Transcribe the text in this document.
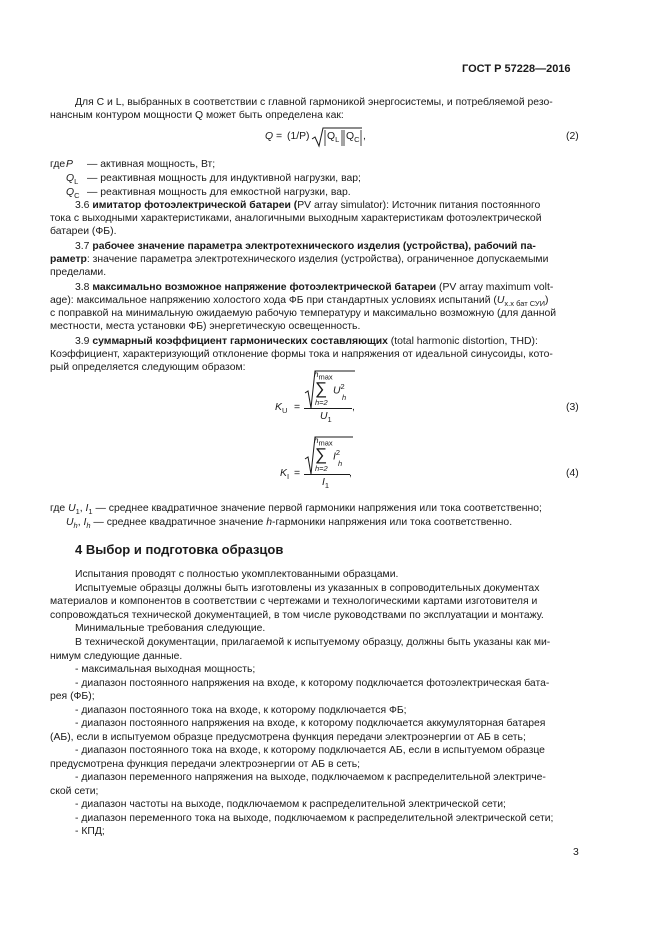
ГОСТ Р 57228—2016
Для C и L, выбранных в соответствии с главной гармоникой энергосистемы, и потребляемой резо-
нансным контуром мощности Q может быть определена как:
Q = (1/P) $Q_L$ $Q_C$ ,	(2)
где P — активная мощность, Вт;
$Q_L$ — реактивная мощность для индуктивной нагрузки, вар;
$Q_C$ — реактивная мощность для емкостной нагрузки, вар.
3.6 имитатор фотоэлектрической батареи (PV array simulator): Источник питания постоянного
тока с выходными характеристиками, аналогичными выходным характеристикам фотоэлектрической
батареи (ФБ).
3.7 рабочее значение параметра электротехнического изделия (устройства), рабочий па-
раметр: значение параметра электротехнического изделия (устройства), ограниченное допускаемыми
пределами.
3.8 максимально возможное напряжение фотоэлектрической батареи (PV array maximum volt-
age): максимальное напряжению холостого хода ФБ при стандартных условиях испытаний $(U_{х.х бат СУИ})$
с поправкой на минимальную ожидаемую рабочую температуру и максимально возможную (для данной
местности, места установки ФБ) энергетическую освещенность.
3.9 суммарный коэффициент гармонических составляющих (total harmonic distortion, THD):
Коэффициент, характеризующий отклонение формы тока и напряжения от идеальной синусоиды, кото-
рый определяется следующим образом:
$K_U$ =
$h_{max}$
∑
h=2
$U^2$
h
$U_1$
,	(3)
$K_I$ =
$h_{max}$
∑
h=2
$I^2$
h
$I_1$
,	(4)
где $U_1$, $I_1$ — среднее квадратичное значение первой гармоники напряжения или тока соответственно;
$U_h$, $I_h$ — среднее квадратичное значение h-гармоники напряжения или тока соответственно.
4 Выбор и подготовка образцов
Испытания проводят с полностью укомплектованными образцами.
Испытуемые образцы должны быть изготовлены из указанных в сопроводительных документах
материалов и компонентов в соответствии с чертежами и технологическими картами изготовителя и
сопровождаться технической документацией, в том числе руководствами по эксплуатации и монтажу.
Минимальные требования следующие.
В технической документации, прилагаемой к испытуемому образцу, должны быть указаны как ми-
нимум следующие данные.
- максимальная выходная мощность;
- диапазон постоянного напряжения на входе, к которому подключается фотоэлектрическая бата-
рея (ФБ);
- диапазон постоянного тока на входе, к которому подключается ФБ;
- диапазон постоянного напряжения на входе, к которому подключается аккумуляторная батарея
(АБ), если в испытуемом образце предусмотрена функция передачи электроэнергии от АБ в сеть;
- диапазон постоянного тока на входе, к которому подключается АБ, если в испытуемом образце
предусмотрена функция передачи электроэнергии от АБ в сеть;
- диапазон переменного напряжения на выходе, подключаемом к распределительной электриче-
ской сети;
- диапазон частоты на выходе, подключаемом к распределительной электрической сети;
- диапазон переменного тока на выходе, подключаемом к распределительной электрической сети;
- КПД;
3
